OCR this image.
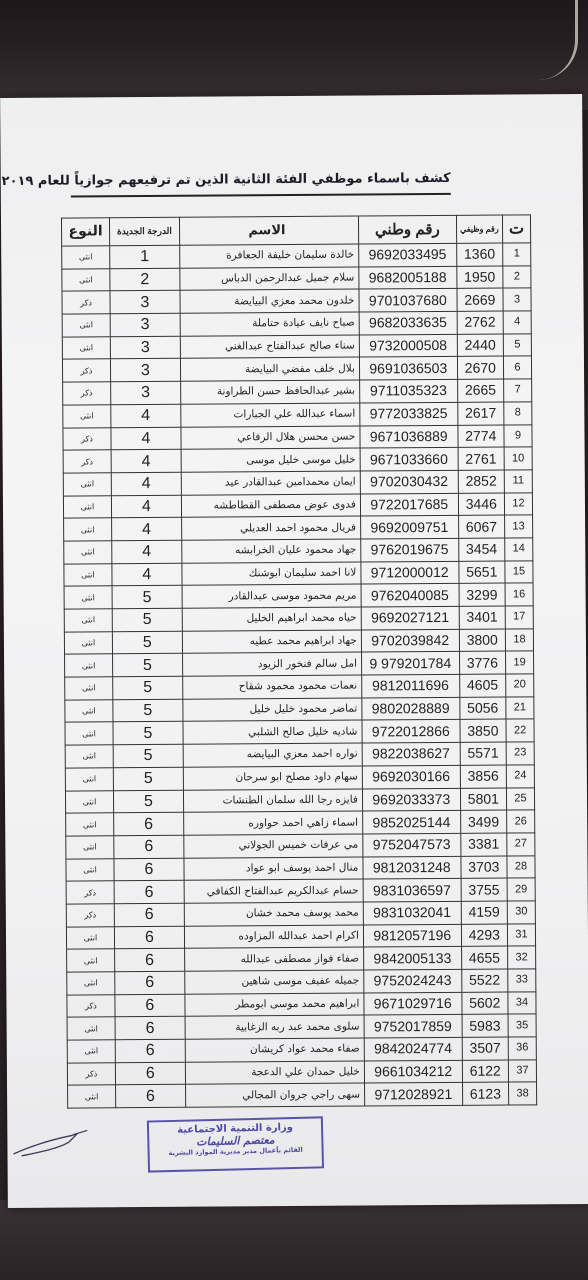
كشف باسماء موظفي الفئة الثانية الذين تم ترفيعهم جوازياً للعام ٢٠١٩
ت	رقم وظيفي	رقم وطني	الاسم	الدرجة الجديدة	النوع
1	1360	9692033495	خالدة سليمان خليفة الجعافرة	1	انثى
2	1950	9682005188	سلام جميل عبدالرحمن الدباس	2	انثى
3	2669	9701037680	خلدون محمد معزي البيايضة	3	ذكر
4	2762	9682033635	صباح نايف عيادة حتاملة	3	انثى
5	2440	9732000508	سناء صالح عبدالفتاح عبدالغني	3	انثى
6	2670	9691036503	بلال خلف مفضي البيايضة	3	ذكر
7	2665	9711035323	بشير عبدالحافظ حسن الطراونة	3	ذكر
8	2617	9772033825	اسماء عبدالله علي الجبارات	4	انثى
9	2774	9671036889	حسن محسن هلال الرفاعي	4	ذكر
10	2761	9671033660	خليل موسى خليل موسى	4	ذكر
11	2852	9702030432	ايمان محمدامين عبدالقادر عيد	4	انثى
12	3446	9722017685	فدوى عوض مصطفى القطاطشه	4	انثى
13	6067	9692009751	فريال محمود احمد العديلي	4	انثى
14	3454	9762019675	جهاد محمود عليان الخرابشه	4	انثى
15	5651	9712000012	لانا احمد سليمان ابوشنك	4	انثى
16	3299	9762040085	مريم محمود موسى عبدالقادر	5	انثى
17	3401	9692027121	حياه محمد ابراهيم الخليل	5	انثى
18	3800	9702039842	جهاد ابراهيم محمد عطيه	5	انثى
19	3776	979201784 9	امل سالم فنخور الزيود	5	انثى
20	4605	9812011696	نعمات محمود محمود شقاح	5	انثى
21	5056	9802028889	تماضر محمود خليل خليل	5	انثى
22	3850	9722012866	شاديه خليل صالح الشلبي	5	انثى
23	5571	9822038627	نواره احمد معزي البيايضه	5	انثى
24	3856	9692030166	سهام داود مصلح ابو سرحان	5	انثى
25	5801	9692033373	فايزه رجا الله سلمان الطنشات	5	انثى
26	3499	9852025144	اسماء زاهي احمد حواوره	6	انثى
27	3381	9752047573	مي عرفات خميس الجولاني	6	انثى
28	3703	9812031248	منال احمد يوسف ابو عواد	6	انثى
29	3755	9831036597	حسام عبدالكريم عبدالفتاح الكفافي	6	ذكر
30	4159	9831032041	محمد يوسف محمد خشان	6	ذكر
31	4293	9812057196	اكرام احمد عبدالله المزاوده	6	انثى
32	4655	9842005133	صفاء فواز مصطفى عبدالله	6	انثى
33	5522	9752024243	جميله عفيف موسى شاهين	6	انثى
34	5602	9671029716	ابراهيم محمد موسى ابومطر	6	ذكر
35	5983	9752017859	سلوى محمد عبد ربه الزغابية	6	انثى
36	3507	9842024774	صفاء محمد عواد كريشان	6	انثى
37	6122	9661034212	خليل حمدان علي الدعجة	6	ذكر
38	6123	9712028921	سهى راجي جروان المجالي	6	انثى
وزارة التنمية الاجتماعية
معتصم السليمات
القائم بأعمال مدير مديرية الموارد البشرية
